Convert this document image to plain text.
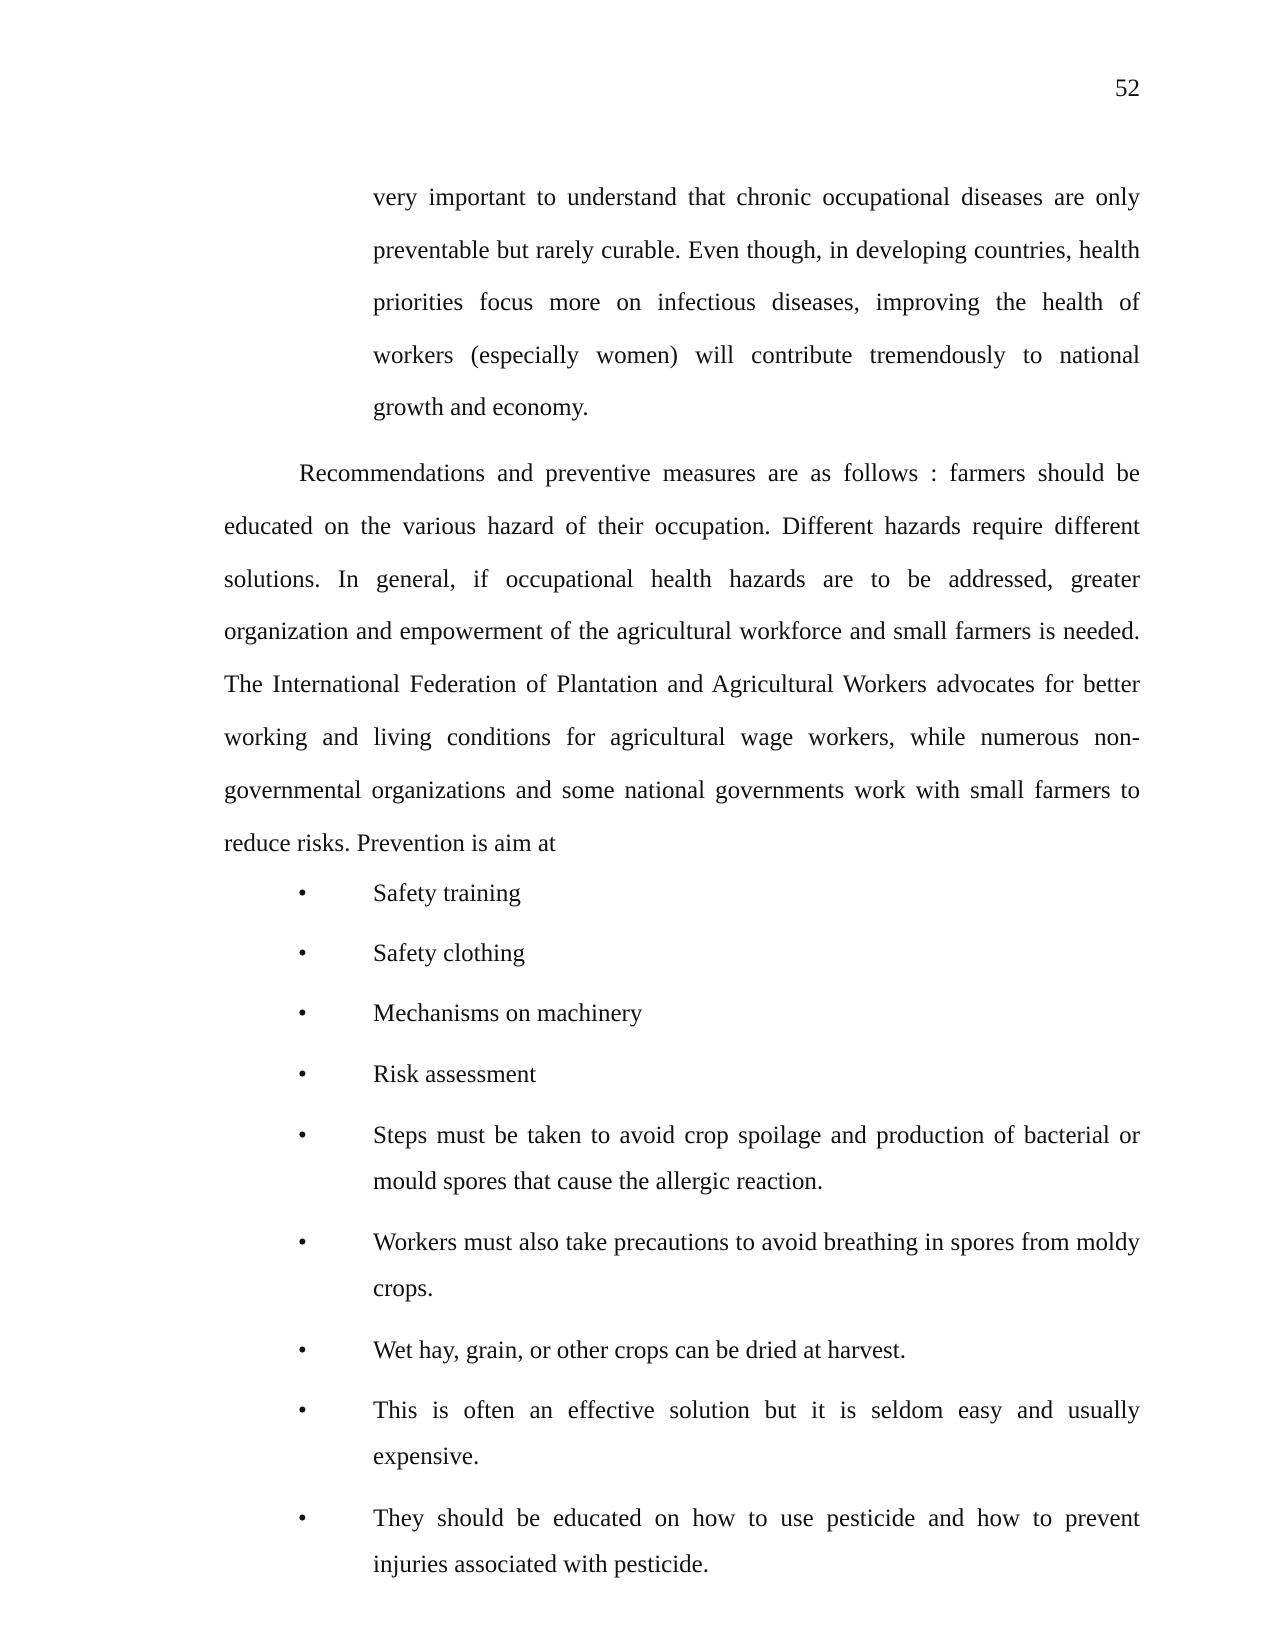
52

very important to understand that chronic occupational diseases are only preventable but rarely curable. Even though, in developing countries, health priorities focus more on infectious diseases, improving the health of workers (especially women) will contribute tremendously to national growth and economy.

Recommendations and preventive measures are as follows : farmers should be educated on the various hazard of their occupation. Different hazards require different solutions. In general, if occupational health hazards are to be addressed, greater organization and empowerment of the agricultural workforce and small farmers is needed. The International Federation of Plantation and Agricultural Workers advocates for better working and living conditions for agricultural wage workers, while numerous non-governmental organizations and some national governments work with small farmers to reduce risks. Prevention is aim at

•	Safety training
•	Safety clothing
•	Mechanisms on machinery
•	Risk assessment
•	Steps must be taken to avoid crop spoilage and production of bacterial or mould spores that cause the allergic reaction.
•	Workers must also take precautions to avoid breathing in spores from moldy crops.
•	Wet hay, grain, or other crops can be dried at harvest.
•	This is often an effective solution but it is seldom easy and usually expensive.
•	They should be educated on how to use pesticide and how to prevent injuries associated with pesticide.
